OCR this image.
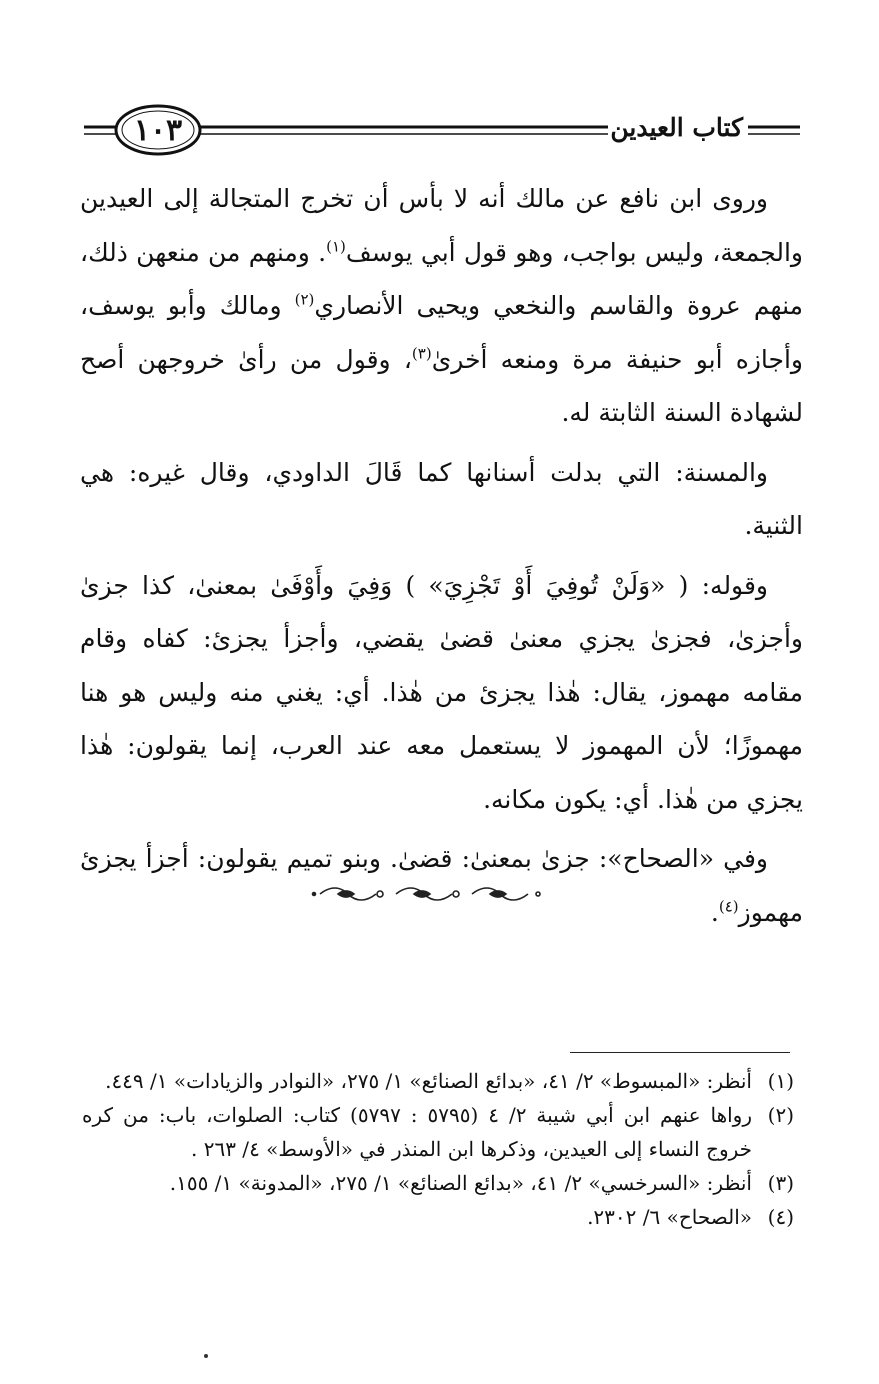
١٠٣	كتاب العيدين

وروى ابن نافع عن مالك أنه لا بأس أن تخرج المتجالة إلى العيدين والجمعة، وليس بواجب، وهو قول أبي يوسف$^{(١)}$. ومنهم من منعهن ذلك، منهم عروة والقاسم والنخعي ويحيى الأنصاري$^{(٢)}$ ومالك وأبو يوسف، وأجازه أبو حنيفة مرة ومنعه أخرىٰ$^{(٣)}$، وقول من رأىٰ خروجهن أصح لشهادة السنة الثابتة له.

والمسنة: التي بدلت أسنانها كما قَالَ الداودي، وقال غيره: هي الثنية.

وقوله: ( «وَلَنْ تُوفِيَ أَوْ تَجْزِيَ» ) وَفِيَ وأَوْفَىٰ بمعنىٰ، كذا جزىٰ وأجزىٰ، فجزىٰ يجزي معنىٰ قضىٰ يقضي، وأجزأ يجزئ: كفاه وقام مقامه مهموز، يقال: هٰذا يجزئ من هٰذا. أي: يغني منه وليس هو هنا مهموزًا؛ لأن المهموز لا يستعمل معه عند العرب، إنما يقولون: هٰذا يجزي من هٰذا. أي: يكون مكانه.

وفي «الصحاح»: جزىٰ بمعنىٰ: قضىٰ. وبنو تميم يقولون: أجزأ يجزئ مهموز$^{(٤)}$.

(١)
أنظر: «المبسوط» ٢/ ٤١، «بدائع الصنائع» ١/ ٢٧٥، «النوادر والزيادات» ١/ ٤٤٩.
(٢)
رواها عنهم ابن أبي شيبة ٢/ ٤ (٥٧٩٥ : ٥٧٩٧) كتاب: الصلوات، باب: من كره خروج النساء إلى العيدين، وذكرها ابن المنذر في «الأوسط» ٤/ ٢٦٣ .
(٣)
أنظر: «السرخسي» ٢/ ٤١، «بدائع الصنائع» ١/ ٢٧٥، «المدونة» ١/ ١٥٥.
(٤)
«الصحاح» ٦/ ٢٣٠٢.
